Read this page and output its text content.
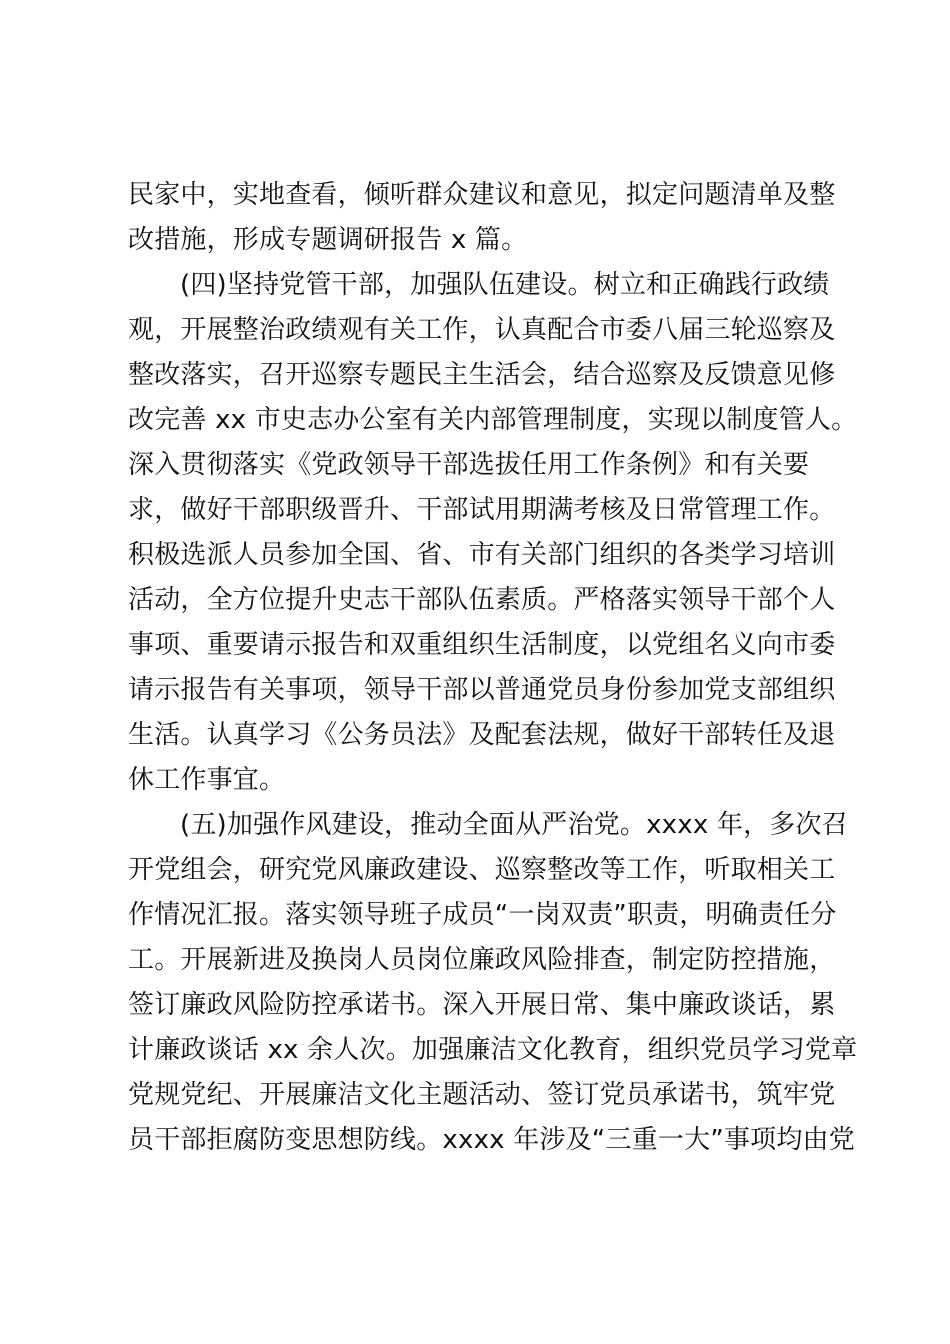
民家中，实地查看，倾听群众建议和意见，拟定问题清单及整
改措施，形成专题调研报告 x 篇。
(四)坚持党管干部，加强队伍建设。树立和正确践行政绩
观，开展整治政绩观有关工作，认真配合市委八届三轮巡察及
整改落实，召开巡察专题民主生活会，结合巡察及反馈意见修
改完善 xx 市史志办公室有关内部管理制度，实现以制度管人。
深入贯彻落实《党政领导干部选拔任用工作条例》和有关要
求，做好干部职级晋升、干部试用期满考核及日常管理工作。
积极选派人员参加全国、省、市有关部门组织的各类学习培训
活动，全方位提升史志干部队伍素质。严格落实领导干部个人
事项、重要请示报告和双重组织生活制度，以党组名义向市委
请示报告有关事项，领导干部以普通党员身份参加党支部组织
生活。认真学习《公务员法》及配套法规，做好干部转任及退
休工作事宜。
(五)加强作风建设，推动全面从严治党。xxxx 年，多次召
开党组会，研究党风廉政建设、巡察整改等工作，听取相关工
作情况汇报。落实领导班子成员“一岗双责”职责，明确责任分
工。开展新进及换岗人员岗位廉政风险排查，制定防控措施，
签订廉政风险防控承诺书。深入开展日常、集中廉政谈话，累
计廉政谈话 xx 余人次。加强廉洁文化教育，组织党员学习党章
党规党纪、开展廉洁文化主题活动、签订党员承诺书，筑牢党
员干部拒腐防变思想防线。xxxx 年涉及“三重一大”事项均由党
